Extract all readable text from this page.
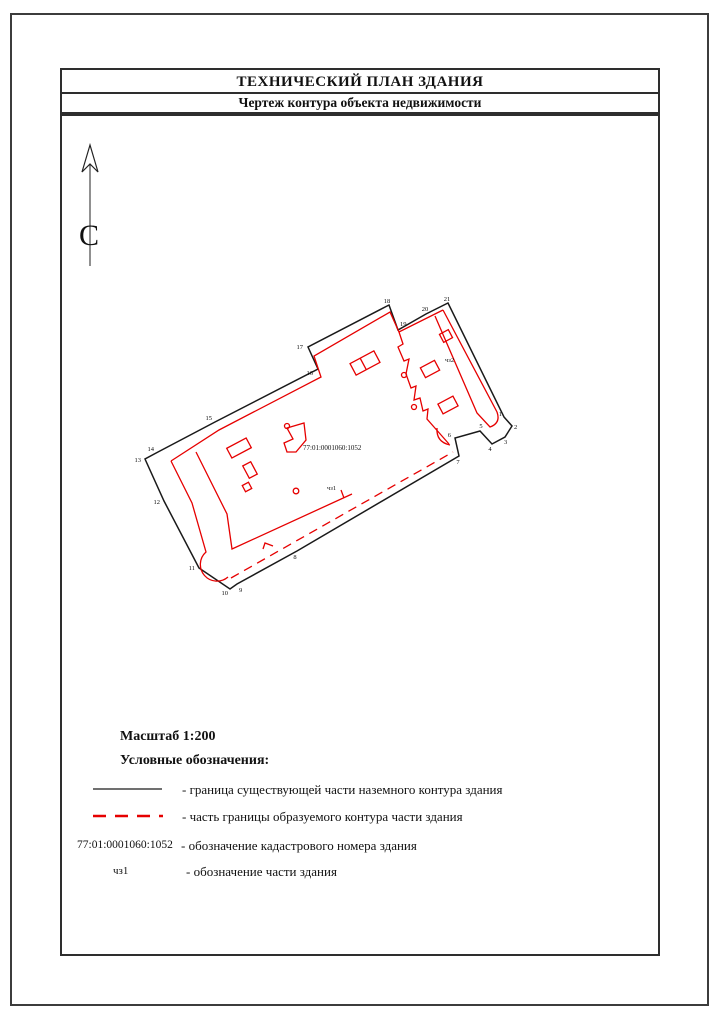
ТЕХНИЧЕСКИЙ ПЛАН ЗДАНИЯ
Чертеж контура объекта недвижимости
С
77:01:0001060:1052
чз1
чз2
1
2
3
4
5
6
7
8
9
10
11
12
13
14
15
16
17
18
19
20
21
Масштаб 1:200
Условные обозначения:
- граница существующей части наземного контура здания
- часть границы образуемого контура части здания
77:01:0001060:1052 - обозначение кадастрового номера здания
чз1	- обозначение части здания
